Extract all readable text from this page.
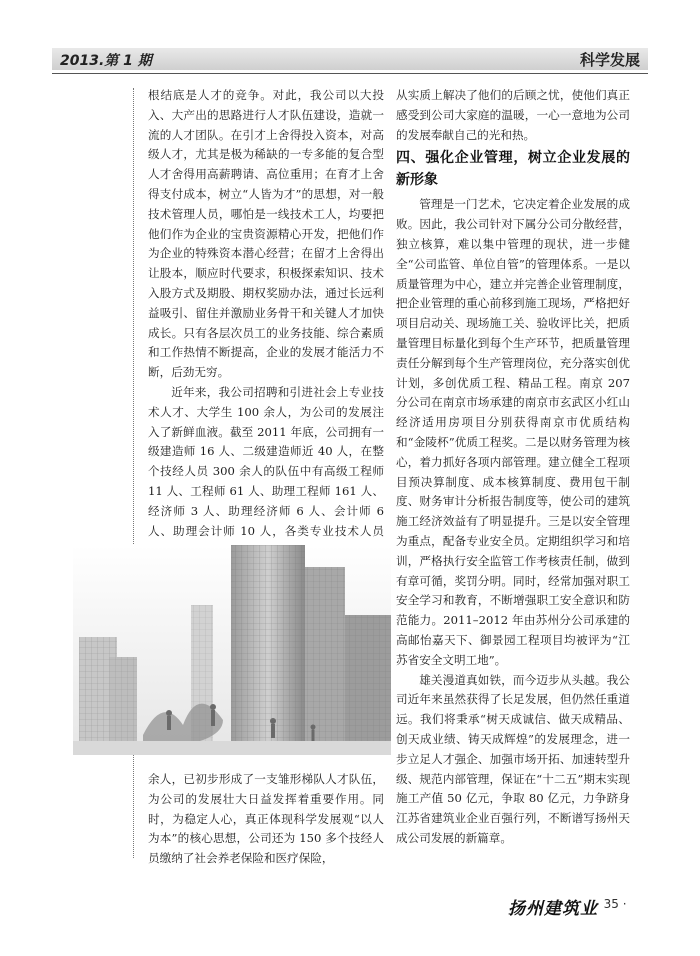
2013.第 1 期	科学发展

根结底是人才的竞争。对此，我公司以大投入、大产出的思路进行人才队伍建设，造就一流的人才团队。在引才上舍得投入资本，对高级人才，尤其是极为稀缺的一专多能的复合型人才舍得用高薪聘请、高位重用；在育才上舍得支付成本，树立“人皆为才”的思想，对一般技术管理人员，哪怕是一线技术工人，均要把他们作为企业的宝贵资源精心开发，把他们作为企业的特殊资本潜心经营；在留才上舍得出让股本，顺应时代要求，积极探索知识、技术入股方式及期股、期权奖励办法，通过长远利益吸引、留住并激励业务骨干和关键人才加快成长。只有各层次员工的业务技能、综合素质和工作热情不断提高，企业的发展才能活力不断，后劲无穷。

近年来，我公司招聘和引进社会上专业技术人才、大学生 100 余人，为公司的发展注入了新鲜血液。截至 2011 年底，公司拥有一级建造师 16 人、二级建造师近 40 人，在整个技经人员 300 余人的队伍中有高级工程师 11 人、工程师 61 人、助理工程师 161 人、经济师 3 人、助理经济师 6 人、会计师 6 人、助理会计师 10 人，各类专业技术人员

余人，已初步形成了一支雏形梯队人才队伍，为公司的发展壮大日益发挥着重要作用。同时，为稳定人心，真正体现科学发展观“以人为本”的核心思想，公司还为 150 多个技经人员缴纳了社会养老保险和医疗保险，

从实质上解决了他们的后顾之忧，使他们真正感受到公司大家庭的温暖，一心一意地为公司的发展奉献自己的光和热。

四、强化企业管理，树立企业发展的新形象

管理是一门艺术，它决定着企业发展的成败。因此，我公司针对下属分公司分散经营，独立核算，难以集中管理的现状，进一步健全“公司监管、单位自管”的管理体系。一是以质量管理为中心，建立并完善企业管理制度，把企业管理的重心前移到施工现场，严格把好项目启动关、现场施工关、验收评比关，把质量管理目标量化到每个生产环节，把质量管理责任分解到每个生产管理岗位，充分落实创优计划，多创优质工程、精品工程。南京 207 分公司在南京市场承建的南京市玄武区小红山经济适用房项目分别获得南京市优质结构和“金陵杯”优质工程奖。二是以财务管理为核心，着力抓好各项内部管理。建立健全工程项目预决算制度、成本核算制度、费用包干制度、财务审计分析报告制度等，使公司的建筑施工经济效益有了明显提升。三是以安全管理为重点，配备专业安全员。定期组织学习和培训，严格执行安全监管工作考核责任制，做到有章可循，奖罚分明。同时，经常加强对职工安全学习和教育，不断增强职工安全意识和防范能力。2011–2012 年由苏州分公司承建的高邮怡嘉天下、御景园工程项目均被评为“江苏省安全文明工地”。

雄关漫道真如铁，而今迈步从头越。我公司近年来虽然获得了长足发展，但仍然任重道远。我们将秉承“树天成诚信、做天成精品、创天成业绩、铸天成辉煌”的发展理念，进一步立足人才强企、加强市场开拓、加速转型升级、规范内部管理，保证在“十二五”期末实现施工产值 50 亿元，争取 80 亿元，力争跻身江苏省建筑业企业百强行列，不断谱写扬州天成公司发展的新篇章。

扬州建筑业
· 35 ·
